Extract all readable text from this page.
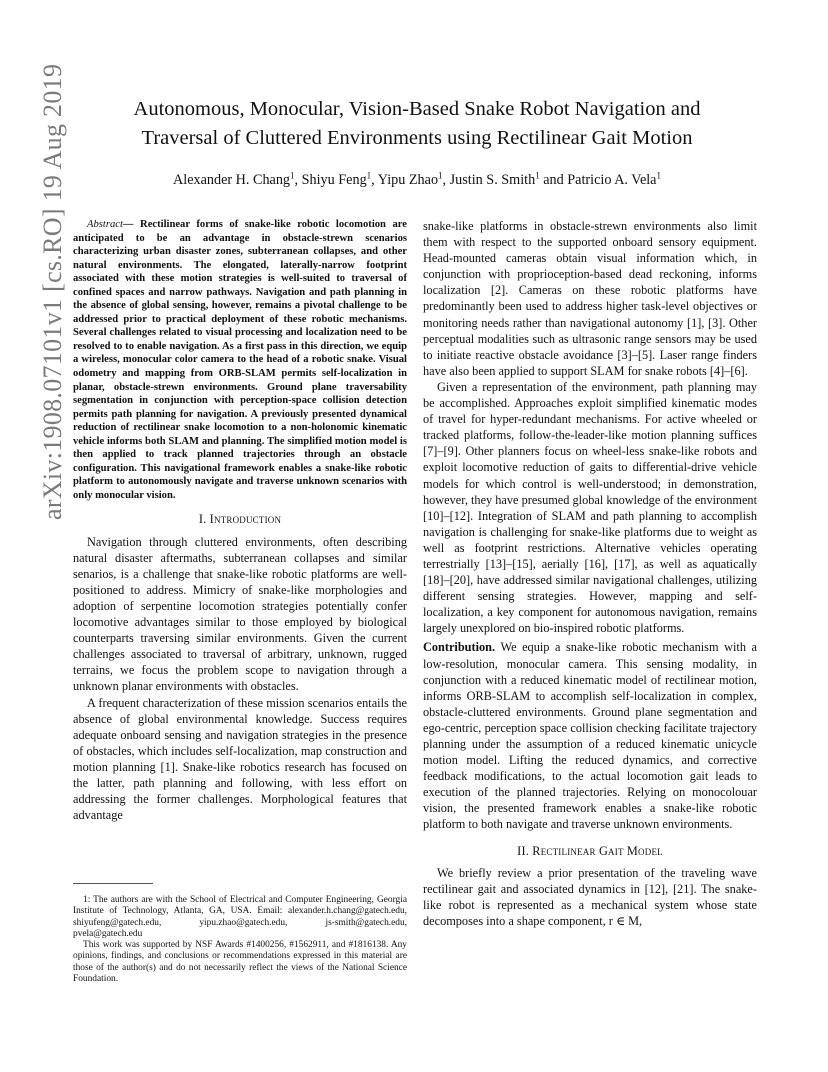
arXiv:1908.07101v1 [cs.RO] 19 Aug 2019	Autonomous, Monocular, Vision-Based Snake Robot Navigation and
Traversal of Cluttered Environments using Rectilinear Gait Motion
Alexander H. Chang$^1$, Shiyu Feng$^1$, Yipu Zhao$^1$, Justin S. Smith$^1$ and Patricio A. Vela$^1$

Abstract— Rectilinear forms of snake-like robotic locomotion are anticipated to be an advantage in obstacle-strewn scenarios characterizing urban disaster zones, subterranean collapses, and other natural environments. The elongated, laterally-narrow footprint associated with these motion strategies is well-suited to traversal of confined spaces and narrow pathways. Navigation and path planning in the absence of global sensing, however, remains a pivotal challenge to be addressed prior to practical deployment of these robotic mechanisms. Several challenges related to visual processing and localization need to be resolved to to enable navigation. As a first pass in this direction, we equip a wireless, monocular color camera to the head of a robotic snake. Visual odometry and mapping from ORB-SLAM permits self-localization in planar, obstacle-strewn environments. Ground plane traversability segmentation in conjunction with perception-space collision detection permits path planning for navigation. A previously presented dynamical reduction of rectilinear snake locomotion to a non-holonomic kinematic vehicle informs both SLAM and planning. The simplified motion model is then applied to track planned trajectories through an obstacle configuration. This navigational framework enables a snake-like robotic platform to autonomously navigate and traverse unknown scenarios with only monocular vision.

I. Introduction

Navigation through cluttered environments, often describing natural disaster aftermaths, subterranean collapses and similar senarios, is a challenge that snake-like robotic platforms are well-positioned to address. Mimicry of snake-like morphologies and adoption of serpentine locomotion strategies potentially confer locomotive advantages similar to those employed by biological counterparts traversing similar environments. Given the current challenges associated to traversal of arbitrary, unknown, rugged terrains, we focus the problem scope to navigation through a unknown planar environments with obstacles.

A frequent characterization of these mission scenarios entails the absence of global environmental knowledge. Success requires adequate onboard sensing and navigation strategies in the presence of obstacles, which includes self-localization, map construction and motion planning [1]. Snake-like robotics research has focused on the latter, path planning and following, with less effort on addressing the former challenges. Morphological features that advantage

1: The authors are with the School of Electrical and Computer Engineering, Georgia Institute of Technology, Atlanta, GA, USA. Email: alexander.h.chang@gatech.edu, shiyufeng@gatech.edu, yipu.zhao@gatech.edu, js-smith@gatech.edu, pvela@gatech.edu

This work was supported by NSF Awards #1400256, #1562911, and #1816138. Any opinions, findings, and conclusions or recommendations expressed in this material are those of the author(s) and do not necessarily reflect the views of the National Science Foundation.

snake-like platforms in obstacle-strewn environments also limit them with respect to the supported onboard sensory equipment. Head-mounted cameras obtain visual information which, in conjunction with proprioception-based dead reckoning, informs localization [2]. Cameras on these robotic platforms have predominantly been used to address higher task-level objectives or monitoring needs rather than navigational autonomy [1], [3]. Other perceptual modalities such as ultrasonic range sensors may be used to initiate reactive obstacle avoidance [3]–[5]. Laser range finders have also been applied to support SLAM for snake robots [4]–[6].

Given a representation of the environment, path planning may be accomplished. Approaches exploit simplified kinematic modes of travel for hyper-redundant mechanisms. For active wheeled or tracked platforms, follow-the-leader-like motion planning suffices [7]–[9]. Other planners focus on wheel-less snake-like robots and exploit locomotive reduction of gaits to differential-drive vehicle models for which control is well-understood; in demonstration, however, they have presumed global knowledge of the environment [10]–[12]. Integration of SLAM and path planning to accomplish navigation is challenging for snake-like platforms due to weight as well as footprint restrictions. Alternative vehicles operating terrestrially [13]–[15], aerially [16], [17], as well as aquatically [18]–[20], have addressed similar navigational challenges, utilizing different sensing strategies. However, mapping and self-localization, a key component for autonomous navigation, remains largely unexplored on bio-inspired robotic platforms.

Contribution. We equip a snake-like robotic mechanism with a low-resolution, monocular camera. This sensing modality, in conjunction with a reduced kinematic model of rectilinear motion, informs ORB-SLAM to accomplish self-localization in complex, obstacle-cluttered environments. Ground plane segmentation and ego-centric, perception space collision checking facilitate trajectory planning under the assumption of a reduced kinematic unicycle motion model. Lifting the reduced dynamics, and corrective feedback modifications, to the actual locomotion gait leads to execution of the planned trajectories. Relying on monocolouar vision, the presented framework enables a snake-like robotic platform to both navigate and traverse unknown environments.

II. Rectilinear Gait Model

We briefly review a prior presentation of the traveling wave rectilinear gait and associated dynamics in [12], [21]. The snake-like robot is represented as a mechanical system whose state decomposes into a shape component, r ∈ M,
